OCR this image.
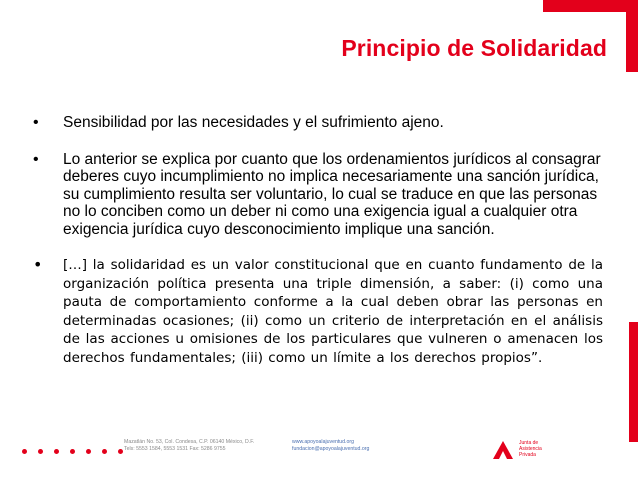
Principio de Solidaridad
• Sensibilidad por las necesidades y el sufrimiento ajeno.
• Lo anterior se explica por cuanto que los ordenamientos jurídicos al consagrar deberes cuyo incumplimiento no implica necesariamente una sanción jurídica, su cumplimiento resulta ser voluntario, lo cual se traduce en que las personas no lo conciben como un deber ni como una exigencia igual a cualquier otra exigencia jurídica cuyo desconocimiento implique una sanción.
• […] la solidaridad es un valor constitucional que en cuanto fundamento de la organización política presenta una triple dimensión, a saber: (i) como una pauta de comportamiento conforme a la cual deben obrar las personas en determinadas ocasiones; (ii) como un criterio de interpretación en el análisis de las acciones u omisiones de los particulares que vulneren o amenacen los derechos fundamentales; (iii) como un límite a los derechos propios”.
Mazatlán No. 53, Col. Condesa, C.P. 06140 México, D.F.
Tels: 5553 1584, 5553 1531 Fax: 5286 9755
www.apoyoalajuventud.org
fundacion@apoyoalajuventud.org
Junta de
Asistencia
Privada
